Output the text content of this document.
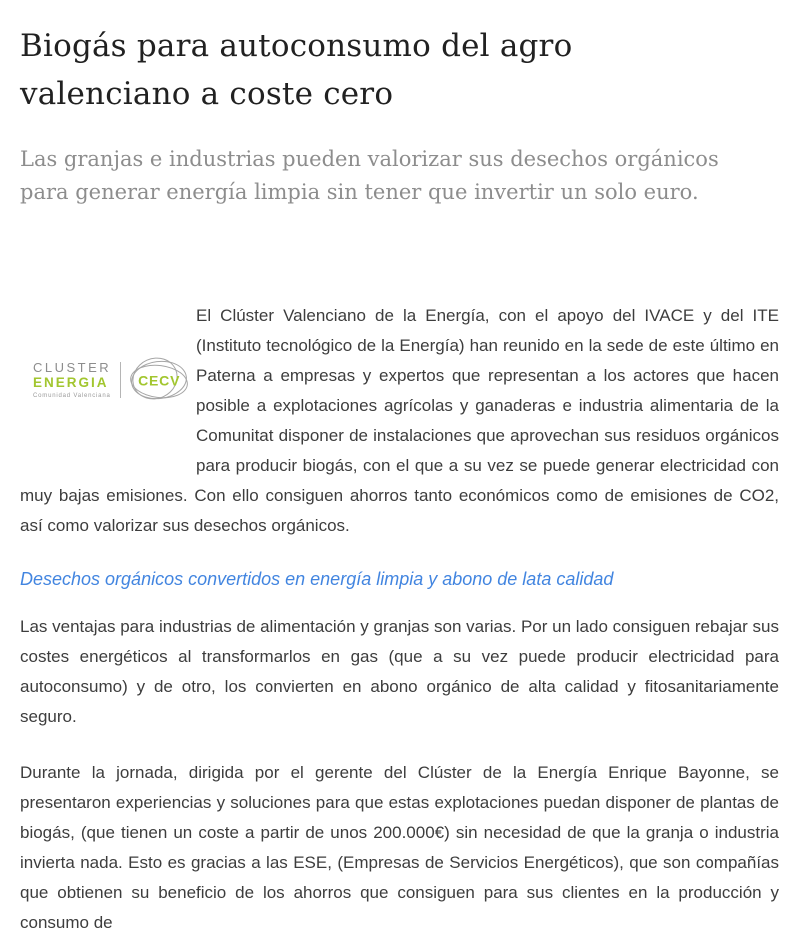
Biogás para autoconsumo del agro valenciano a coste cero

Las granjas e industrias pueden valorizar sus desechos orgánicos para generar energía limpia sin tener que invertir un solo euro.

CLUSTER
ENERGIA
Comunidad Valenciana
CECV

El Clúster Valenciano de la Energía, con el apoyo del IVACE y del ITE (Instituto tecnológico de la Energía) han reunido en la sede de este último en Paterna a empresas y expertos que representan a los actores que hacen posible a explotaciones agrícolas y ganaderas e industria alimentaria de la Comunitat disponer de instalaciones que aprovechan sus residuos orgánicos para producir biogás, con el que a su vez se puede generar electricidad con muy bajas emisiones. Con ello consiguen ahorros tanto económicos como de emisiones de CO2, así como valorizar sus desechos orgánicos.

Desechos orgánicos convertidos en energía limpia y abono de lata calidad

Las ventajas para industrias de alimentación y granjas son varias. Por un lado consiguen rebajar sus costes energéticos al transformarlos en gas (que a su vez puede producir electricidad para autoconsumo) y de otro, los convierten en abono orgánico de alta calidad y fitosanitariamente seguro.

Durante la jornada, dirigida por el gerente del Clúster de la Energía Enrique Bayonne, se presentaron experiencias y soluciones para que estas explotaciones puedan disponer de plantas de biogás, (que tienen un coste a partir de unos 200.000€) sin necesidad de que la granja o industria invierta nada. Esto es gracias a las ESE, (Empresas de Servicios Energéticos), que son compañías que obtienen su beneficio de los ahorros que consiguen para sus clientes en la producción y consumo de
